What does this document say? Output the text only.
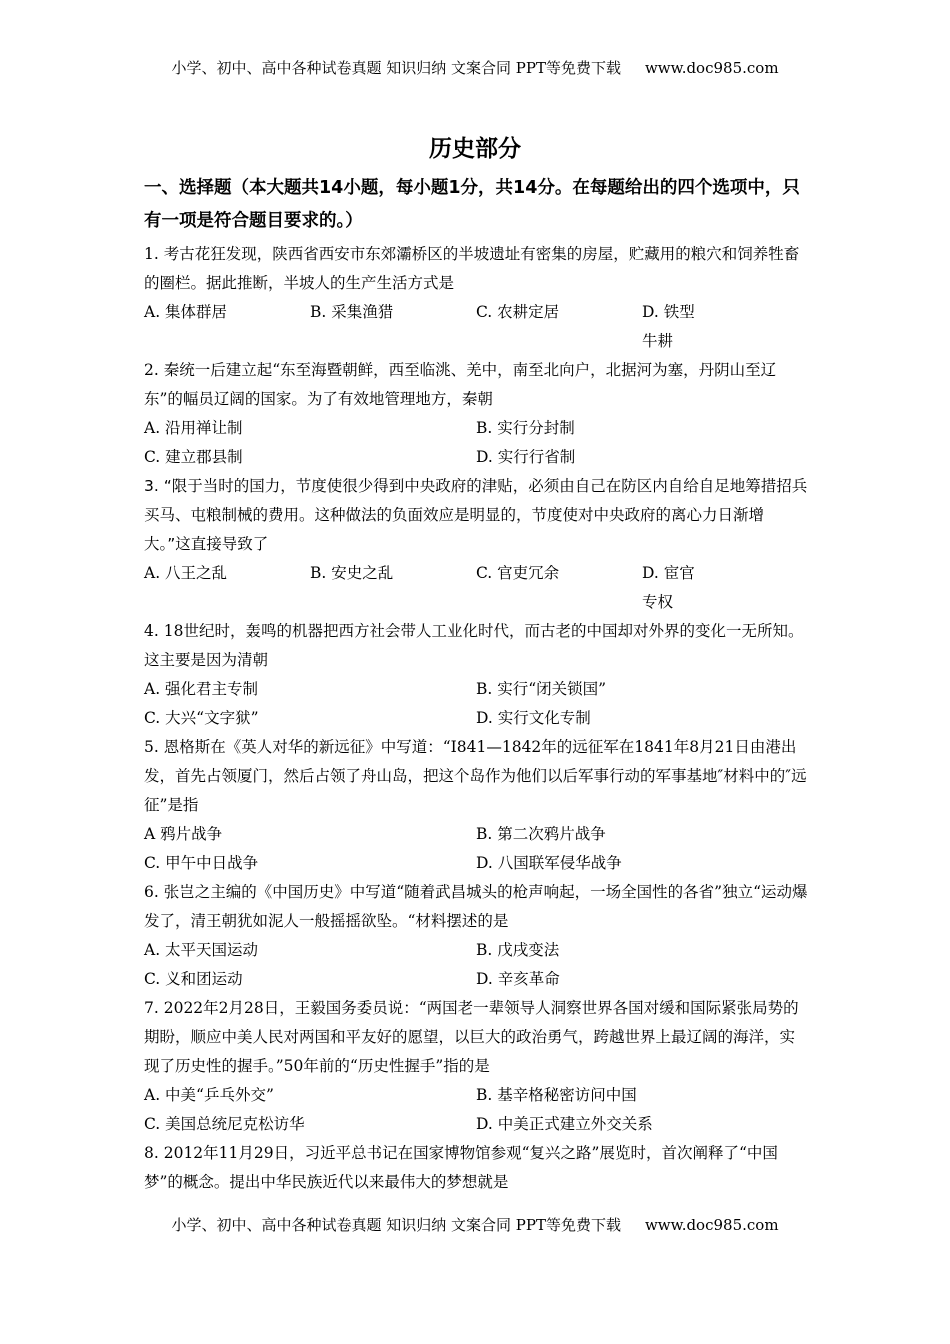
小学、初中、高中各种试卷真题 知识归纳 文案合同 PPT等免费下载 www.doc985.com
历史部分
一、选择题（本大题共14小题，每小题1分，共14分。在每题给出的四个选项中，只有一项是符合题目要求的。）
1. 考古花狂发现，陕西省西安市东郊灞桥区的半坡遗址有密集的房屋，贮藏用的粮穴和饲养牲畜的圈栏。据此推断，半坡人的生产生活方式是
A. 集体群居	B. 采集渔猎	C. 农耕定居	D. 铁型牛耕
2. 秦统一后建立起“东至海暨朝鲜，西至临洮、羌中，南至北向户，北据河为塞，丹阴山至辽东”的幅员辽阔的国家。为了有效地管理地方，秦朝
A. 沿用禅让制	B. 实行分封制
C. 建立郡县制	D. 实行行省制
3. “限于当时的国力，节度使很少得到中央政府的津贴，必须由自己在防区内自给自足地筹措招兵买马、屯粮制械的费用。这种做法的负面效应是明显的，节度使对中央政府的离心力日渐增大。”这直接导致了
A. 八王之乱	B. 安史之乱	C. 官吏冗余	D. 宦官专权
4. 18世纪时，轰鸣的机器把西方社会带人工业化时代，而古老的中国却对外界的变化一无所知。这主要是因为清朝
A. 强化君主专制	B. 实行“闭关锁国”
C. 大兴“文字狱”	D. 实行文化专制
5. 恩格斯在《英人对华的新远征》中写道：“I841—1842年的远征军在1841年8月21日由港出发，首先占领厦门，然后占领了舟山岛，把这个岛作为他们以后军事行动的军事基地″材料中的″远征”是指
A 鸦片战争	B. 第二次鸦片战争
C. 甲午中日战争	D. 八国联军侵华战争
6. 张岂之主编的《中国历史》中写道“随着武昌城头的枪声响起，一场全国性的各省”独立“运动爆发了，清王朝犹如泥人一般摇摇欲坠。“材料摆述的是
A. 太平天国运动	B. 戊戌变法
C. 义和团运动	D. 辛亥革命
7. 2022年2月28日，王毅国务委员说：“两国老一辈领导人洞察世界各国对缓和国际紧张局势的期盼，顺应中美人民对两国和平友好的愿望，以巨大的政治勇气，跨越世界上最辽阔的海洋，实现了历史性的握手。”50年前的“历史性握手”指的是
A. 中美“乒乓外交”	B. 基辛格秘密访问中国
C. 美国总统尼克松访华	D. 中美正式建立外交关系
8. 2012年11月29日，习近平总书记在国家博物馆参观“复兴之路”展览时，首次阐释了“中国梦”的概念。提出中华民族近代以来最伟大的梦想就是
小学、初中、高中各种试卷真题 知识归纳 文案合同 PPT等免费下载 www.doc985.com
